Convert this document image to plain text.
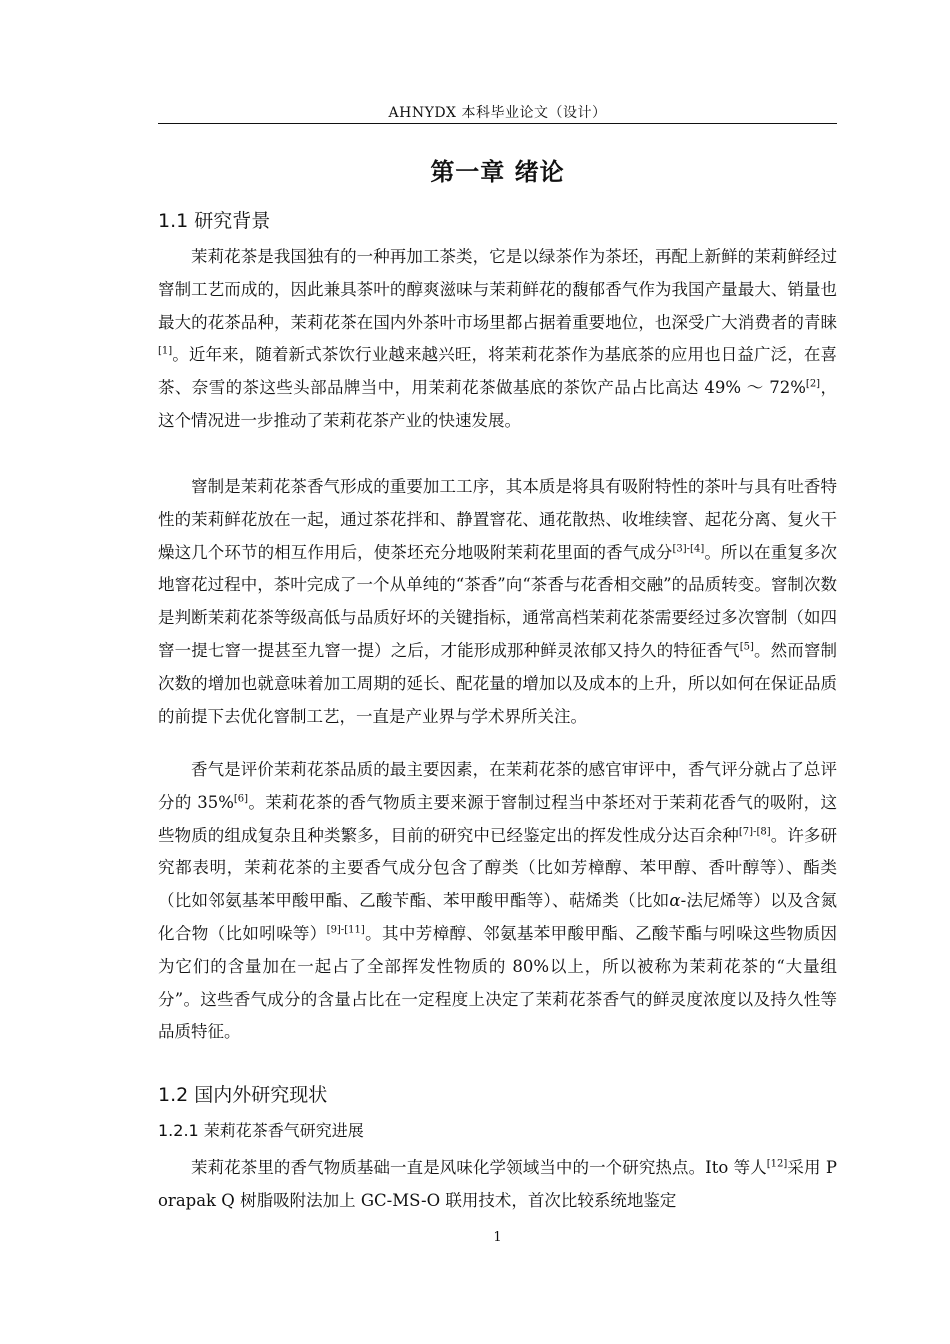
AHNYDX 本科毕业论文（设计）
第一章 绪论
1.1 研究背景

茉莉花茶是我国独有的一种再加工茶类，它是以绿茶作为茶坯，再配上新鲜的茉莉鲜经过窨制工艺而成的，因此兼具茶叶的醇爽滋味与茉莉鲜花的馥郁香气作为我国产量最大、销量也最大的花茶品种，茉莉花茶在国内外茶叶市场里都占据着重要地位，也深受广大消费者的青睐[1]。近年来，随着新式茶饮行业越来越兴旺，将茉莉花茶作为基底茶的应用也日益广泛，在喜茶、奈雪的茶这些头部品牌当中，用茉莉花茶做基底的茶饮产品占比高达 49% ～ 72%[2]，这个情况进一步推动了茉莉花茶产业的快速发展。

窨制是茉莉花茶香气形成的重要加工工序，其本质是将具有吸附特性的茶叶与具有吐香特性的茉莉鲜花放在一起，通过茶花拌和、静置窨花、通花散热、收堆续窨、起花分离、复火干燥这几个环节的相互作用后，使茶坯充分地吸附茉莉花里面的香气成分[3]-[4]。所以在重复多次地窨花过程中，茶叶完成了一个从单纯的“茶香”向“茶香与花香相交融”的品质转变。窨制次数是判断茉莉花茶等级高低与品质好坏的关键指标，通常高档茉莉花茶需要经过多次窨制（如四窨一提七窨一提甚至九窨一提）之后，才能形成那种鲜灵浓郁又持久的特征香气[5]。然而窨制次数的增加也就意味着加工周期的延长、配花量的增加以及成本的上升，所以如何在保证品质的前提下去优化窨制工艺，一直是产业界与学术界所关注。

香气是评价茉莉花茶品质的最主要因素，在茉莉花茶的感官审评中，香气评分就占了总评分的 35%[6]。茉莉花茶的香气物质主要来源于窨制过程当中茶坯对于茉莉花香气的吸附，这些物质的组成复杂且种类繁多，目前的研究中已经鉴定出的挥发性成分达百余种[7]-[8]。许多研究都表明，茉莉花茶的主要香气成分包含了醇类（比如芳樟醇、苯甲醇、香叶醇等）、酯类（比如邻氨基苯甲酸甲酯、乙酸苄酯、苯甲酸甲酯等）、萜烯类（比如α-法尼烯等）以及含氮化合物（比如吲哚等）[9]-[11]。其中芳樟醇、邻氨基苯甲酸甲酯、乙酸苄酯与吲哚这些物质因为它们的含量加在一起占了全部挥发性物质的 80%以上，所以被称为茉莉花茶的“大量组分”。这些香气成分的含量占比在一定程度上决定了茉莉花茶香气的鲜灵度浓度以及持久性等品质特征。

1.2 国内外研究现状
1.2.1 茉莉花茶香气研究进展

茉莉花茶里的香气物质基础一直是风味化学领域当中的一个研究热点。Ito 等人[12]采用 Porapak Q 树脂吸附法加上 GC-MS-O 联用技术，首次比较系统地鉴定

1
